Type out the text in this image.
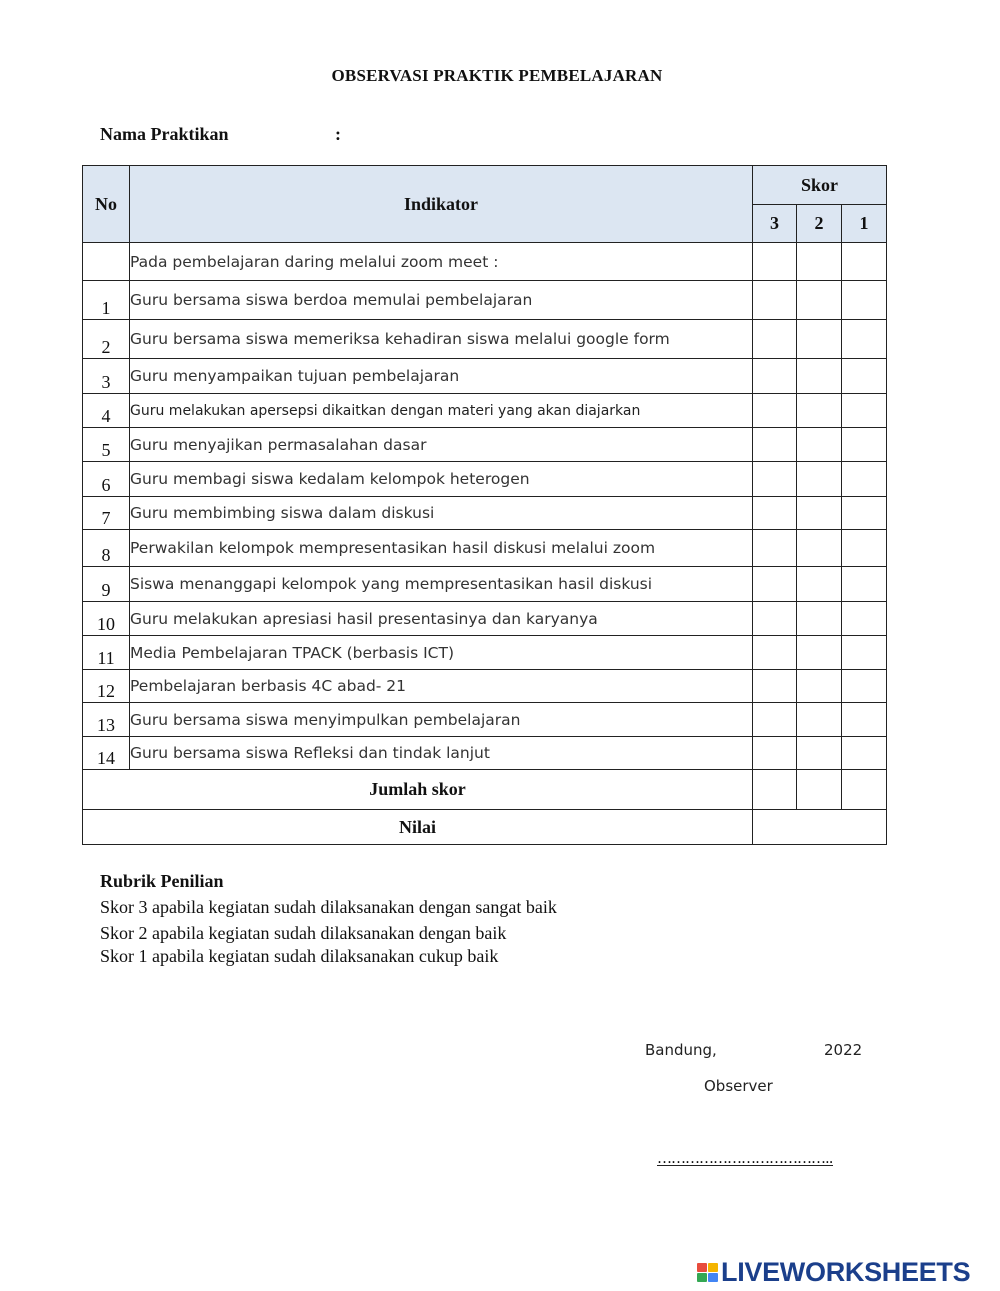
OBSERVASI PRAKTIK PEMBELAJARAN
Nama Praktikan	:
No	Indikator	Skor		
		3	2	1
	Pada pembelajaran daring melalui zoom meet :			
1	Guru bersama siswa berdoa memulai pembelajaran			
2	Guru bersama siswa memeriksa kehadiran siswa melalui google form			
3	Guru menyampaikan tujuan pembelajaran			
4	Guru melakukan apersepsi dikaitkan dengan materi yang akan diajarkan			
5	Guru menyajikan permasalahan dasar			
6	Guru membagi siswa kedalam kelompok heterogen			
7	Guru membimbing siswa dalam diskusi			
8	Perwakilan kelompok mempresentasikan hasil diskusi melalui zoom			
9	Siswa menanggapi kelompok yang mempresentasikan hasil diskusi			
10	Guru melakukan apresiasi hasil presentasinya dan karyanya			
11	Media Pembelajaran TPACK (berbasis ICT)			
12	Pembelajaran berbasis 4C abad- 21			
13	Guru bersama siswa menyimpulkan pembelajaran			
14	Guru bersama siswa Refleksi dan tindak lanjut			
Jumlah skor				
Nilai				
Rubrik Penilian
Skor 3 apabila kegiatan sudah dilaksanakan dengan sangat baik
Skor 2 apabila kegiatan sudah dilaksanakan dengan baik
Skor 1 apabila kegiatan sudah dilaksanakan cukup baik
Bandung,	2022
Observer
………………………………..
LIVEWORKSHEETS
